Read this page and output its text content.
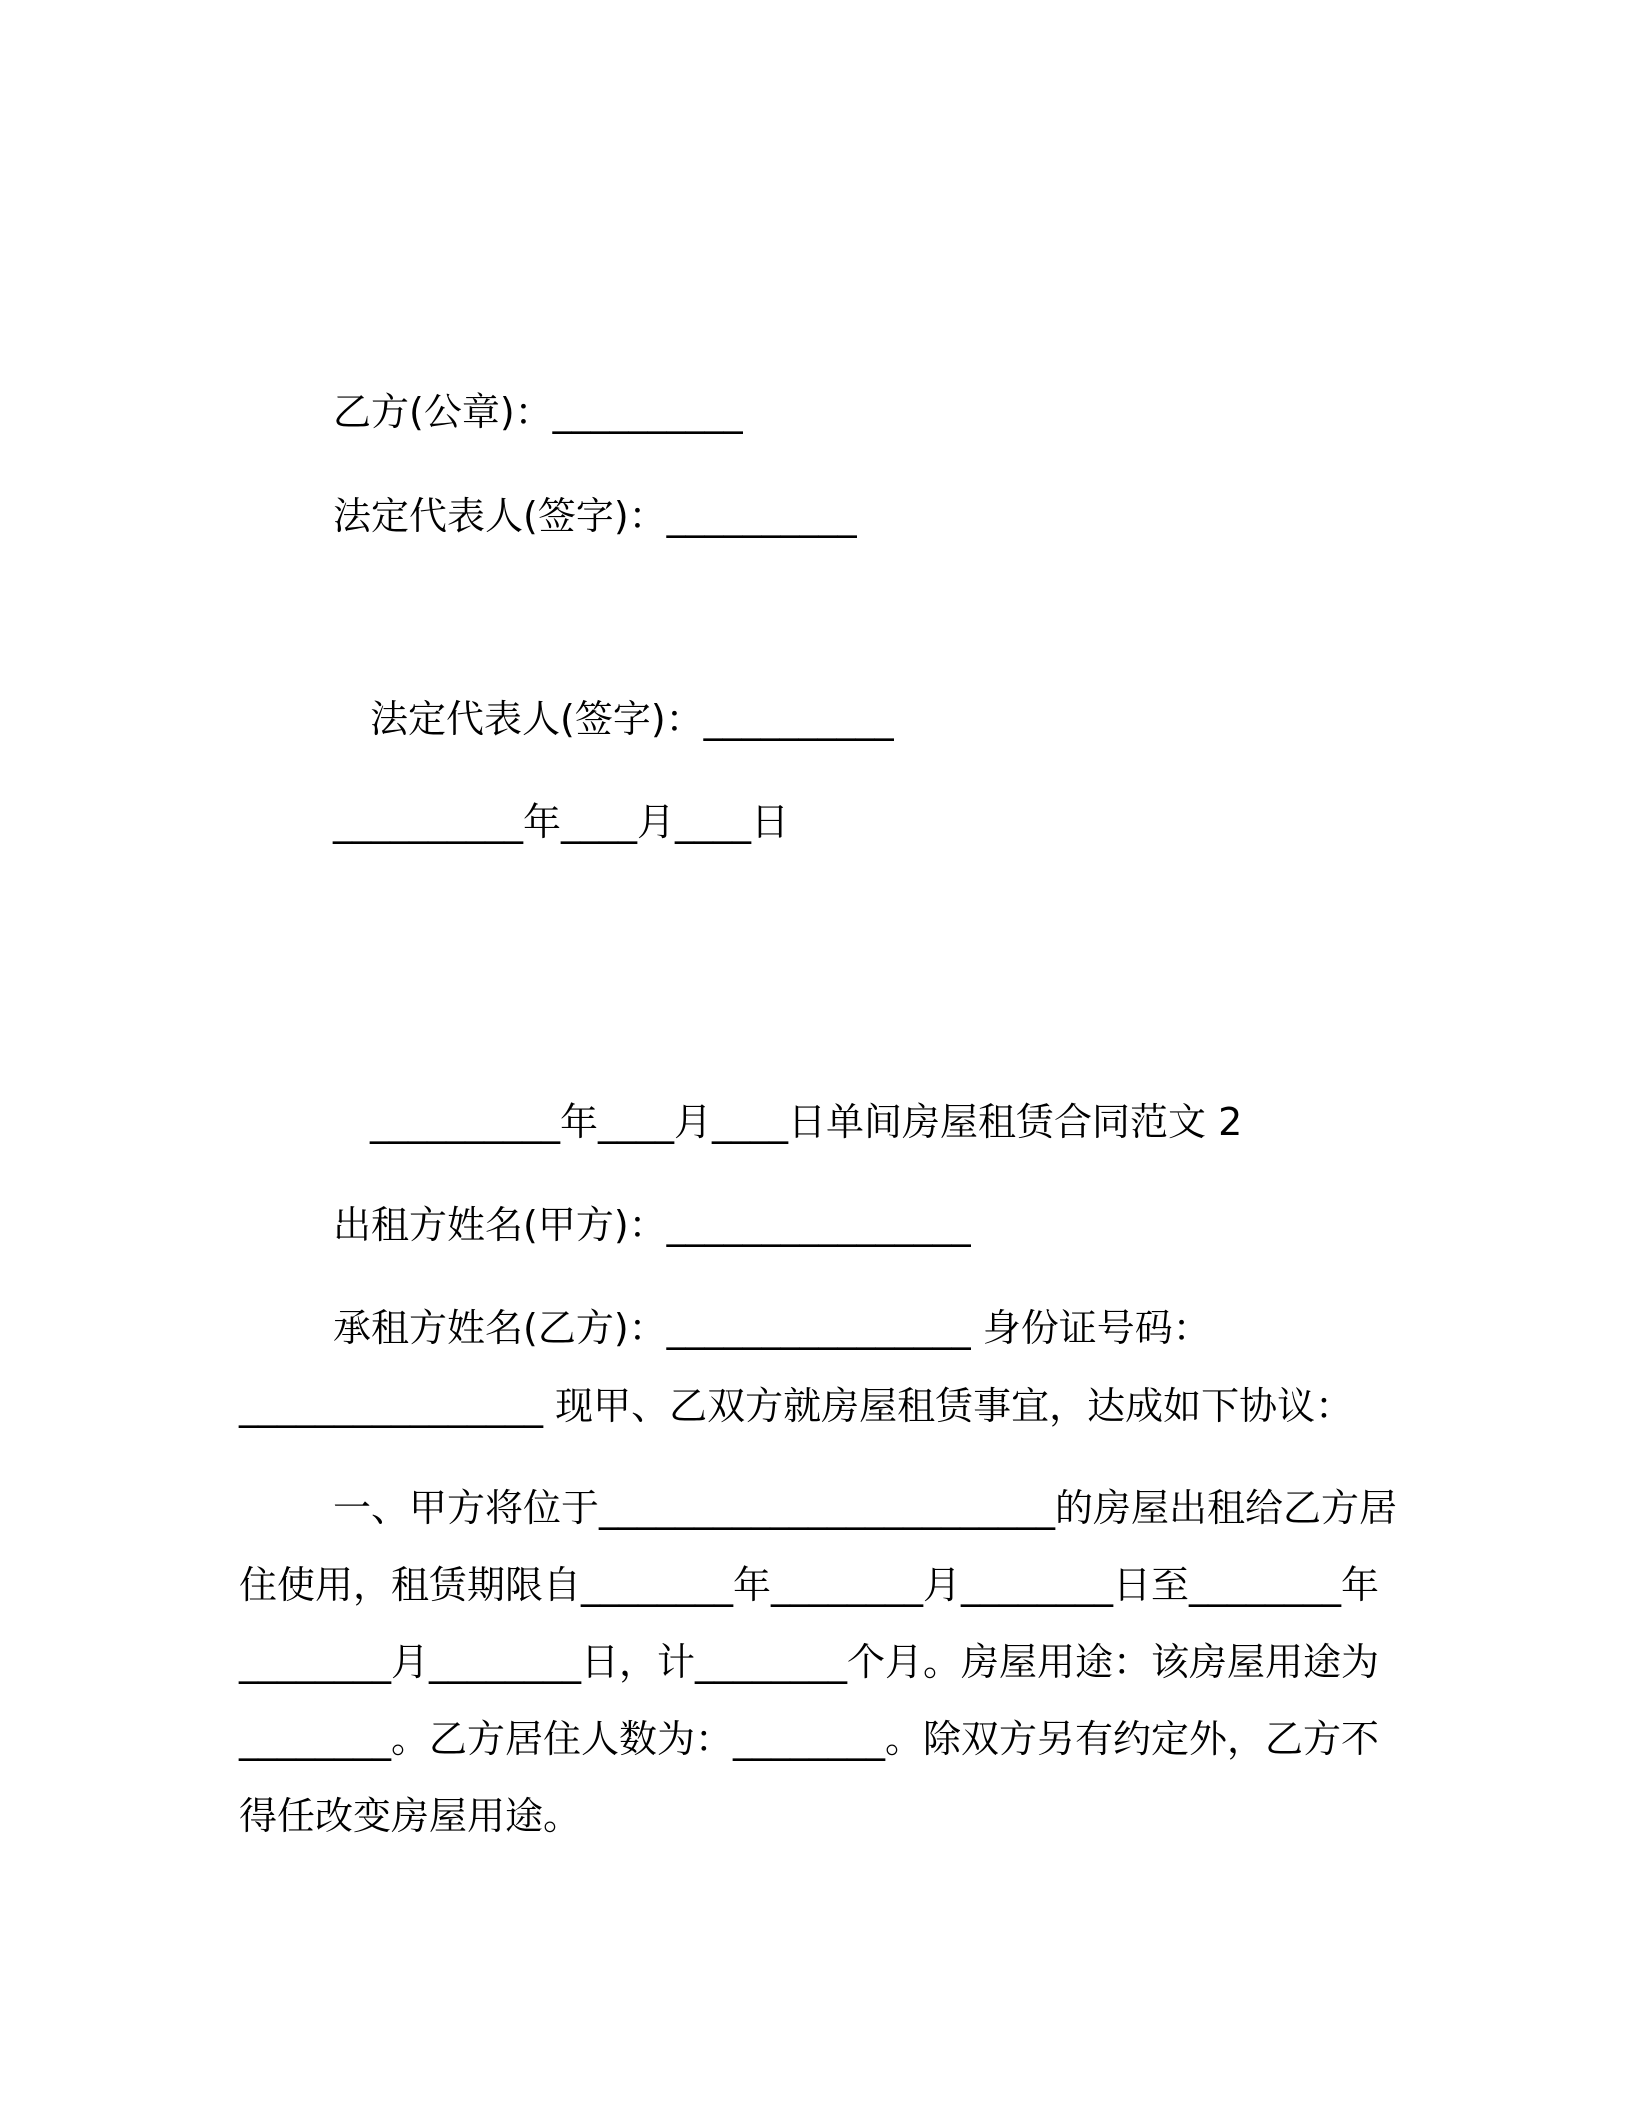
乙方(公章)：__________

法定代表人(签字)：__________

法定代表人(签字)：__________

__________年____月____日

__________年____月____日单间房屋租赁合同范文 2

出租方姓名(甲方)：________________

承租方姓名(乙方)：________________ 身份证号码：

________________ 现甲、乙双方就房屋租赁事宜，达成如下协议：

一、甲方将位于________________________的房屋出租给乙方居

住使用，租赁期限自________年________月________日至________年

________月________日，计________个月。房屋用途：该房屋用途为

________。乙方居住人数为：________。除双方另有约定外，乙方不

得任改变房屋用途。
